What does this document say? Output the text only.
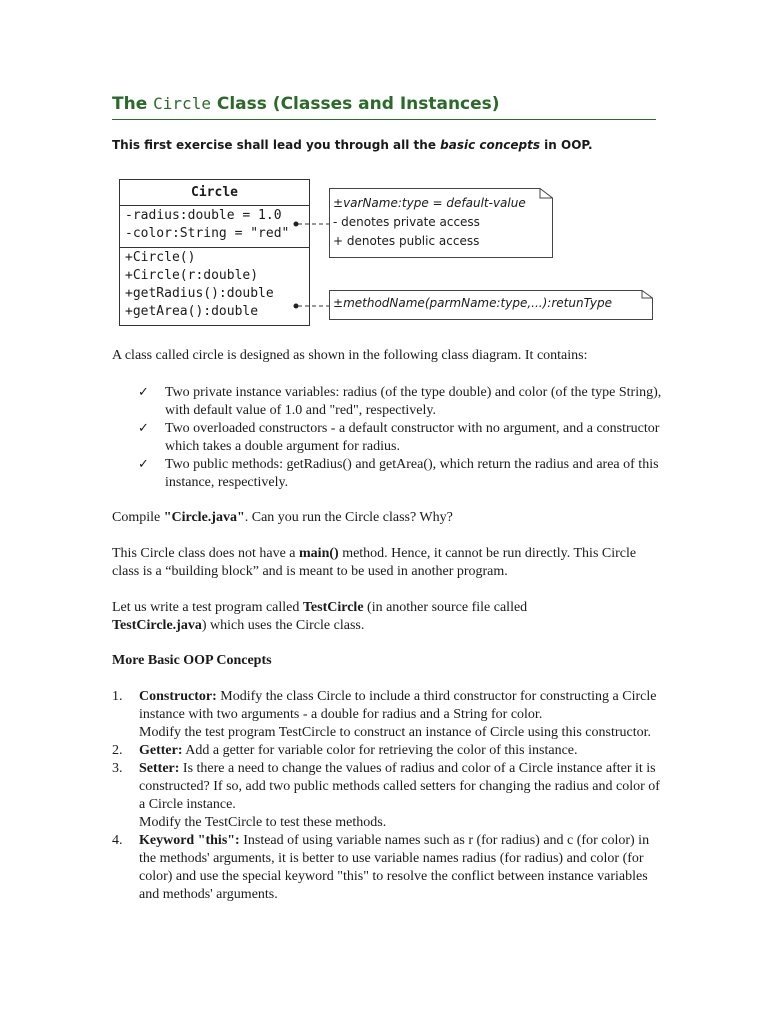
The Circle Class (Classes and Instances)
This first exercise shall lead you through all the basic concepts in OOP.
Circle
-radius:double = 1.0
-color:String = "red"
+Circle()
+Circle(r:double)
+getRadius():double
+getArea():double
±varName:type = default-value
- denotes private access
+ denotes public access
±methodName(parmName:type,...):retunType
A class called circle is designed as shown in the following class diagram. It contains:
✓ Two private instance variables: radius (of the type double) and color (of the type String), with default value of 1.0 and "red", respectively.
✓ Two overloaded constructors - a default constructor with no argument, and a constructor which takes a double argument for radius.
✓ Two public methods: getRadius() and getArea(), which return the radius and area of this instance, respectively.
Compile "Circle.java". Can you run the Circle class? Why?
This Circle class does not have a main() method. Hence, it cannot be run directly. This Circle class is a “building block” and is meant to be used in another program.
Let us write a test program called TestCircle (in another source file called TestCircle.java) which uses the Circle class.
More Basic OOP Concepts
1. Constructor: Modify the class Circle to include a third constructor for constructing a Circle instance with two arguments - a double for radius and a String for color.
Modify the test program TestCircle to construct an instance of Circle using this constructor.
2. Getter: Add a getter for variable color for retrieving the color of this instance.
3. Setter: Is there a need to change the values of radius and color of a Circle instance after it is constructed? If so, add two public methods called setters for changing the radius and color of a Circle instance.
Modify the TestCircle to test these methods.
4. Keyword "this": Instead of using variable names such as r (for radius) and c (for color) in the methods' arguments, it is better to use variable names radius (for radius) and color (for color) and use the special keyword "this" to resolve the conflict between instance variables and methods' arguments.
